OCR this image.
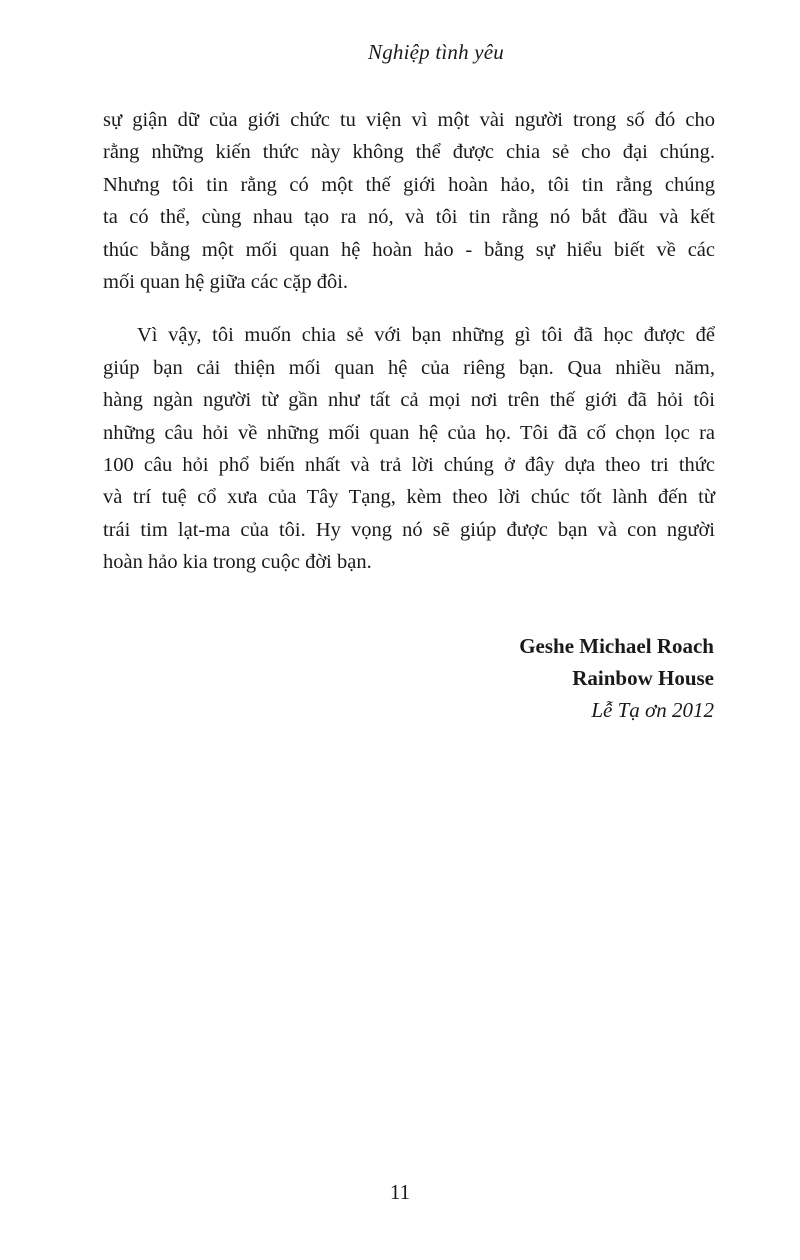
Nghiệp tình yêu
sự giận dữ của giới chức tu viện vì một vài người trong số đó cho
rằng những kiến thức này không thể được chia sẻ cho đại chúng.
Nhưng tôi tin rằng có một thế giới hoàn hảo, tôi tin rằng chúng
ta có thể, cùng nhau tạo ra nó, và tôi tin rằng nó bắt đầu và kết
thúc bằng một mối quan hệ hoàn hảo - bằng sự hiểu biết về các
mối quan hệ giữa các cặp đôi.
Vì vậy, tôi muốn chia sẻ với bạn những gì tôi đã học được để
giúp bạn cải thiện mối quan hệ của riêng bạn. Qua nhiều năm,
hàng ngàn người từ gần như tất cả mọi nơi trên thế giới đã hỏi tôi
những câu hỏi về những mối quan hệ của họ. Tôi đã cố chọn lọc ra
100 câu hỏi phổ biến nhất và trả lời chúng ở đây dựa theo tri thức
và trí tuệ cổ xưa của Tây Tạng, kèm theo lời chúc tốt lành đến từ
trái tim lạt-ma của tôi. Hy vọng nó sẽ giúp được bạn và con người
hoàn hảo kia trong cuộc đời bạn.
Geshe Michael Roach
Rainbow House
Lễ Tạ ơn 2012
11
